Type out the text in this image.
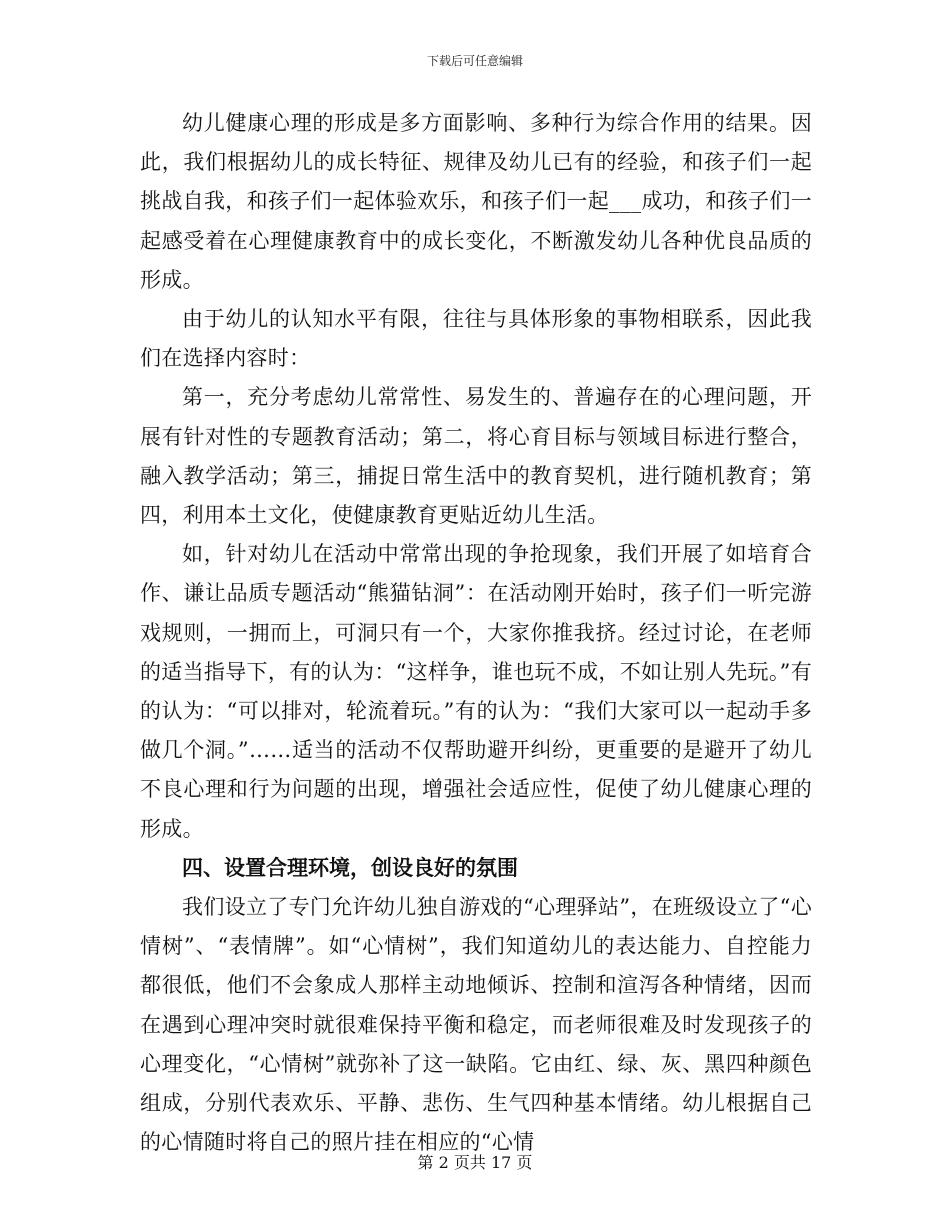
下载后可任意编辑

幼儿健康心理的形成是多方面影响、多种行为综合作用的结果。因此，我们根据幼儿的成长特征、规律及幼儿已有的经验，和孩子们一起挑战自我，和孩子们一起体验欢乐，和孩子们一起___成功，和孩子们一起感受着在心理健康教育中的成长变化，不断激发幼儿各种优良品质的形成。

由于幼儿的认知水平有限，往往与具体形象的事物相联系，因此我们在选择内容时：

第一，充分考虑幼儿常常性、易发生的、普遍存在的心理问题，开展有针对性的专题教育活动；第二，将心育目标与领域目标进行整合，融入教学活动；第三，捕捉日常生活中的教育契机，进行随机教育；第四，利用本土文化，使健康教育更贴近幼儿生活。

如，针对幼儿在活动中常常出现的争抢现象，我们开展了如培育合作、谦让品质专题活动“熊猫钻洞”：在活动刚开始时，孩子们一听完游戏规则，一拥而上，可洞只有一个，大家你推我挤。经过讨论，在老师的适当指导下，有的认为：“这样争，谁也玩不成，不如让别人先玩。”有的认为：“可以排对，轮流着玩。”有的认为：“我们大家可以一起动手多做几个洞。”……适当的活动不仅帮助避开纠纷，更重要的是避开了幼儿不良心理和行为问题的出现，增强社会适应性，促使了幼儿健康心理的形成。

四、设置合理环境，创设良好的氛围

我们设立了专门允许幼儿独自游戏的“心理驿站”，在班级设立了“心情树”、“表情牌”。如“心情树”，我们知道幼儿的表达能力、自控能力都很低，他们不会象成人那样主动地倾诉、控制和渲泻各种情绪，因而在遇到心理冲突时就很难保持平衡和稳定，而老师很难及时发现孩子的心理变化，“心情树”就弥补了这一缺陷。它由红、绿、灰、黑四种颜色组成，分别代表欢乐、平静、悲伤、生气四种基本情绪。幼儿根据自己的心情随时将自己的照片挂在相应的“心情

第 2 页共 17 页
